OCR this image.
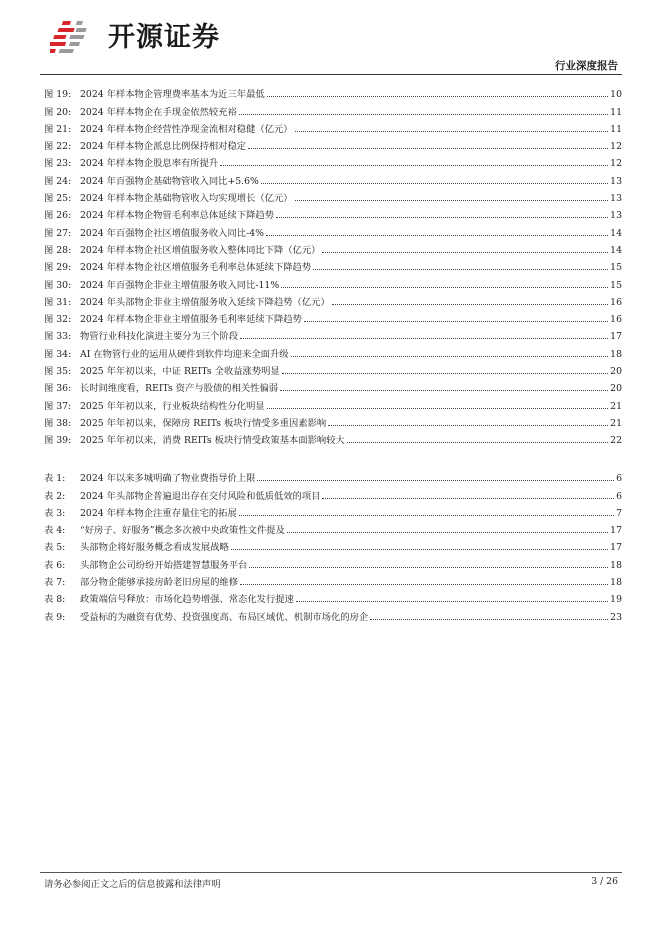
开源证券
行业深度报告
图 19: 2024 年样本物企管理费率基本为近三年最低	10
图 20: 2024 年样本物企在手现金依然较充裕	11
图 21: 2024 年样本物企经营性净现金流相对稳健（亿元）	11
图 22: 2024 年样本物企派息比例保持相对稳定	12
图 23: 2024 年样本物企股息率有所提升	12
图 24: 2024 年百强物企基础物管收入同比+5.6%	13
图 25: 2024 年样本物企基础物管收入均实现增长（亿元）	13
图 26: 2024 年样本物企物管毛利率总体延续下降趋势	13
图 27: 2024 年百强物企社区增值服务收入同比-4%	14
图 28: 2024 年样本物企社区增值服务收入整体同比下降（亿元）	14
图 29: 2024 年样本物企社区增值服务毛利率总体延续下降趋势	15
图 30: 2024 年百强物企非业主增值服务收入同比-11%	15
图 31: 2024 年头部物企非业主增值服务收入延续下降趋势（亿元）	16
图 32: 2024 年样本物企非业主增值服务毛利率延续下降趋势	16
图 33: 物管行业科技化演进主要分为三个阶段	17
图 34: AI 在物管行业的运用从硬件到软件均迎来全面升级	18
图 35: 2025 年年初以来，中证 REITs 全收益涨势明显	20
图 36: 长时间维度看，REITs 资产与股债的相关性偏弱	20
图 37: 2025 年年初以来，行业板块结构性分化明显	21
图 38: 2025 年年初以来，保障房 REITs 板块行情受多重因素影响	21
图 39: 2025 年年初以来，消费 REITs 板块行情受政策基本面影响较大	22
表 1:	2024 年以来多城明确了物业费指导价上限	6
表 2:	2024 年头部物企普遍退出存在交付风险和低质低效的项目	6
表 3:	2024 年样本物企注重存量住宅的拓展	7
表 4:	“好房子、好服务”概念多次被中央政策性文件提及	17
表 5:	头部物企将好服务概念看成发展战略	17
表 6:	头部物企公司纷纷开始搭建智慧服务平台	18
表 7:	部分物企能够承接房龄老旧房屋的维修	18
表 8:	政策端信号释放：市场化趋势增强、常态化发行提速	19
表 9:	受益标的为融资有优势、投资强度高、布局区域优、机制市场化的房企	23
请务必参阅正文之后的信息披露和法律声明	3 / 26
